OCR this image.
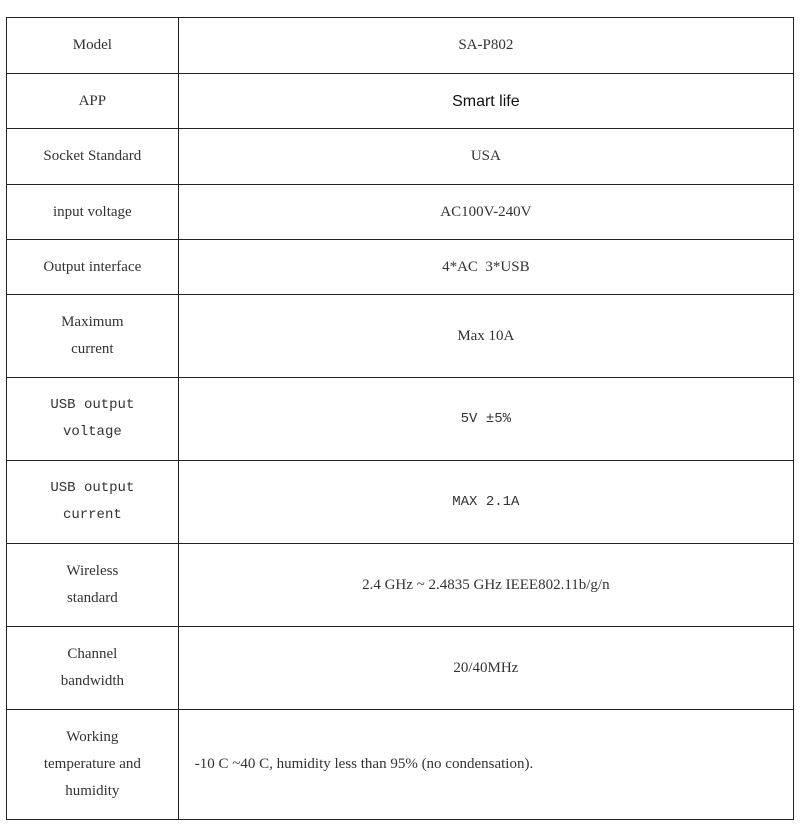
Model	SA-P802
APP	Smart life
Socket Standard	USA
input voltage	AC100V-240V
Output interface	4*AC  3*USB
Maximum
current	Max 10A
USB output
voltage	5V ±5%
USB output
current	MAX 2.1A
Wireless
standard	2.4 GHz ~ 2.4835 GHz IEEE802.11b/g/n
Channel
bandwidth	20/40MHz
Working
temperature and
humidity	-10 C ~40 C, humidity less than 95% (no condensation).
